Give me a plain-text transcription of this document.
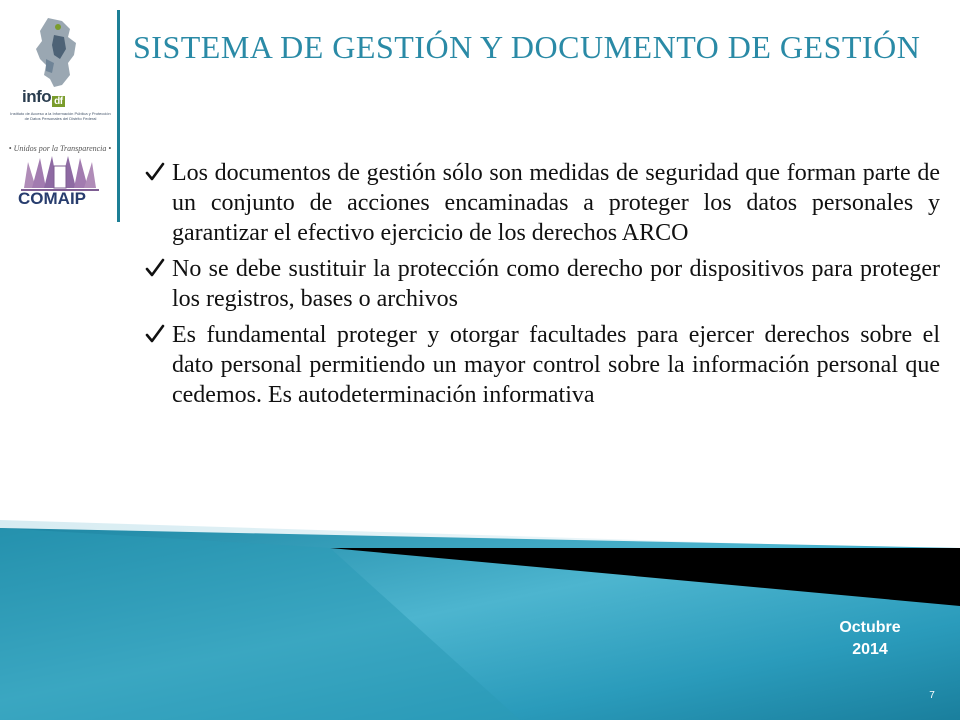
info df
Instituto de Acceso a la Información Pública y Protección de Datos Personales del Distrito Federal
• Unidos por la Transparencia •
COMAIP
SISTEMA DE GESTIÓN Y DOCUMENTO DE GESTIÓN
Los documentos de gestión sólo son medidas de seguridad que forman parte de un conjunto de acciones encaminadas a proteger los datos personales y garantizar el efectivo ejercicio de los derechos ARCO
No se debe sustituir la protección como derecho por dispositivos para proteger los registros, bases o archivos
Es fundamental proteger y otorgar facultades para ejercer derechos sobre el dato personal permitiendo un mayor control sobre la información personal que cedemos. Es autodeterminación informativa
Octubre
2014
7
